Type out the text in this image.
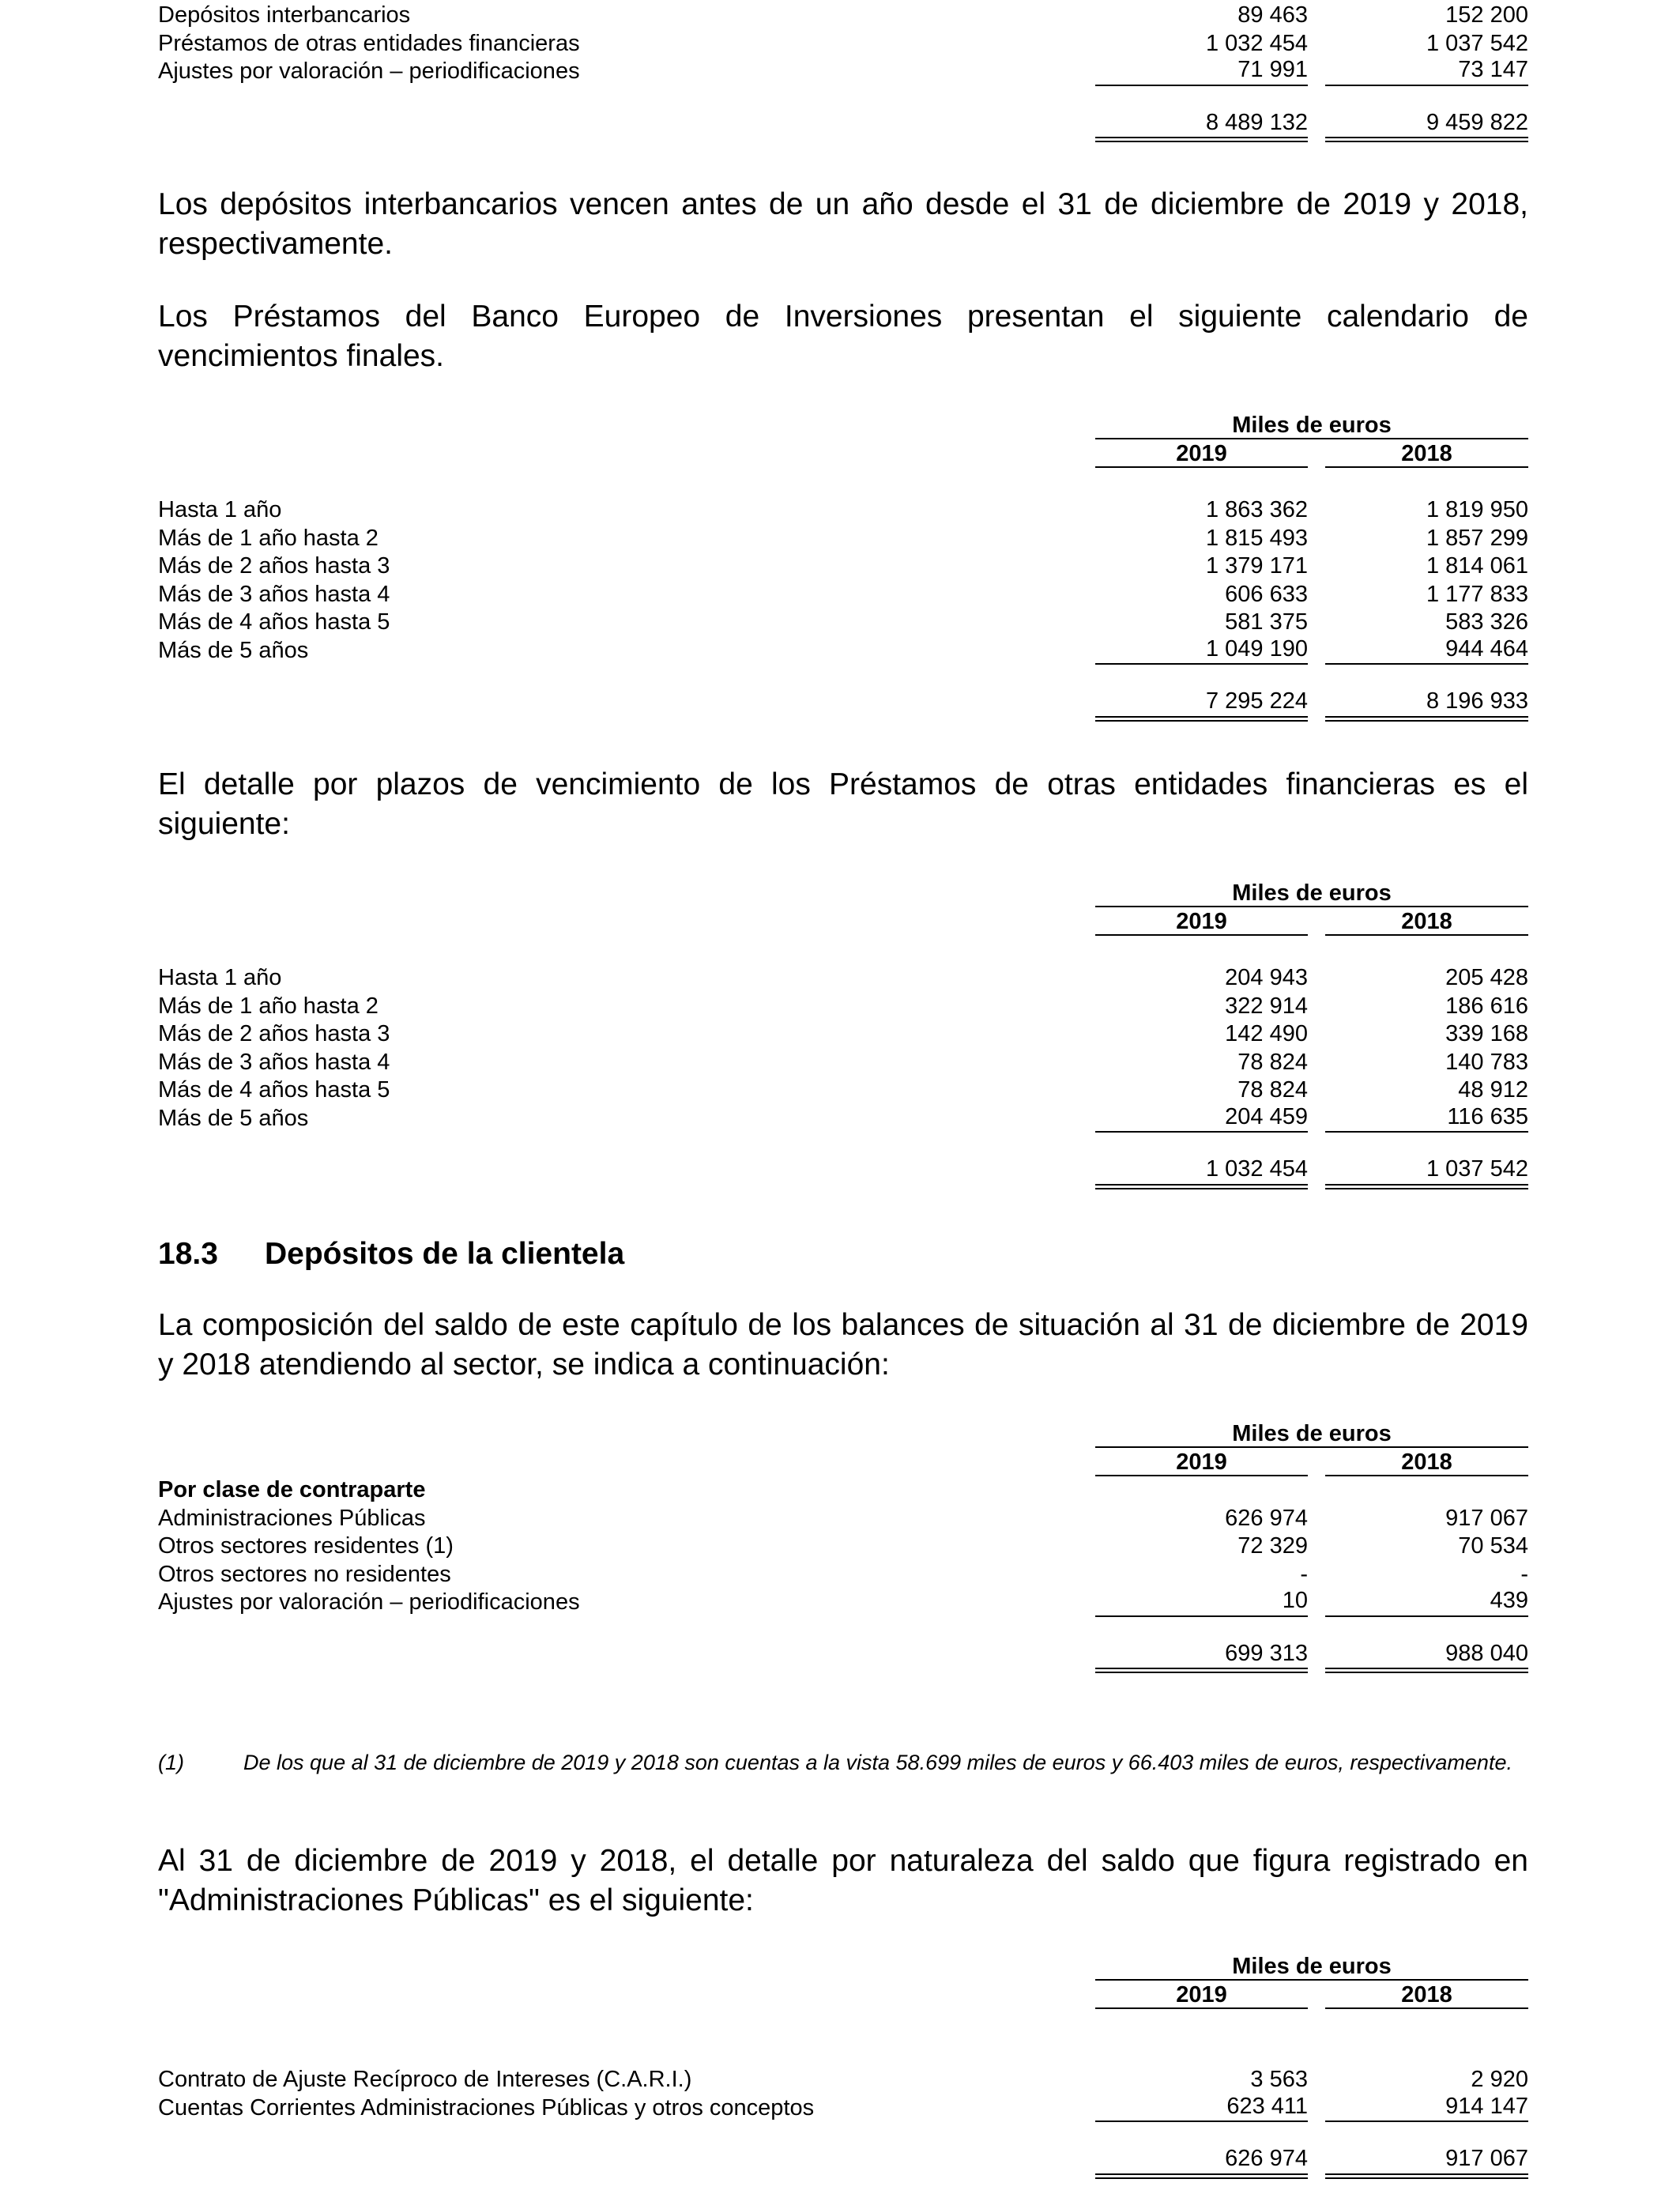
Depósitos interbancarios	89 463	152 200
Préstamos de otras entidades financieras	1 032 454	1 037 542
Ajustes por valoración – periodificaciones	71 991	73 147
8 489 132	9 459 822

Los depósitos interbancarios vencen antes de un año desde el 31 de diciembre de 2019 y 2018, respectivamente.

Los Préstamos del Banco Europeo de Inversiones presentan el siguiente calendario de vencimientos finales.

Miles de euros
2019	2018
Hasta 1 año	1 863 362	1 819 950
Más de 1 año hasta 2	1 815 493	1 857 299
Más de 2 años hasta 3	1 379 171	1 814 061
Más de 3 años hasta 4	606 633	1 177 833
Más de 4 años hasta 5	581 375	583 326
Más de 5 años	1 049 190	944 464
7 295 224	8 196 933

El detalle por plazos de vencimiento de los Préstamos de otras entidades financieras es el siguiente:

Miles de euros
2019	2018
Hasta 1 año	204 943	205 428
Más de 1 año hasta 2	322 914	186 616
Más de 2 años hasta 3	142 490	339 168
Más de 3 años hasta 4	78 824	140 783
Más de 4 años hasta 5	78 824	48 912
Más de 5 años	204 459	116 635
1 032 454	1 037 542
18.3	Depósitos de la clientela

La composición del saldo de este capítulo de los balances de situación al 31 de diciembre de 2019 y 2018 atendiendo al sector, se indica a continuación:

Miles de euros
2019	2018
Por clase de contraparte
Administraciones Públicas	626 974	917 067
Otros sectores residentes (1)	72 329	70 534
Otros sectores no residentes	-	-
Ajustes por valoración – periodificaciones	10	439
699 313	988 040
(1)	De los que al 31 de diciembre de 2019 y 2018 son cuentas a la vista 58.699 miles de euros y 66.403 miles de euros, respectivamente.

Al 31 de diciembre de 2019 y 2018, el detalle por naturaleza del saldo que figura registrado en "Administraciones Públicas" es el siguiente:

Miles de euros
2019	2018
Contrato de Ajuste Recíproco de Intereses (C.A.R.I.)	3 563	2 920
Cuentas Corrientes Administraciones Públicas y otros conceptos	623 411	914 147
626 974	917 067
